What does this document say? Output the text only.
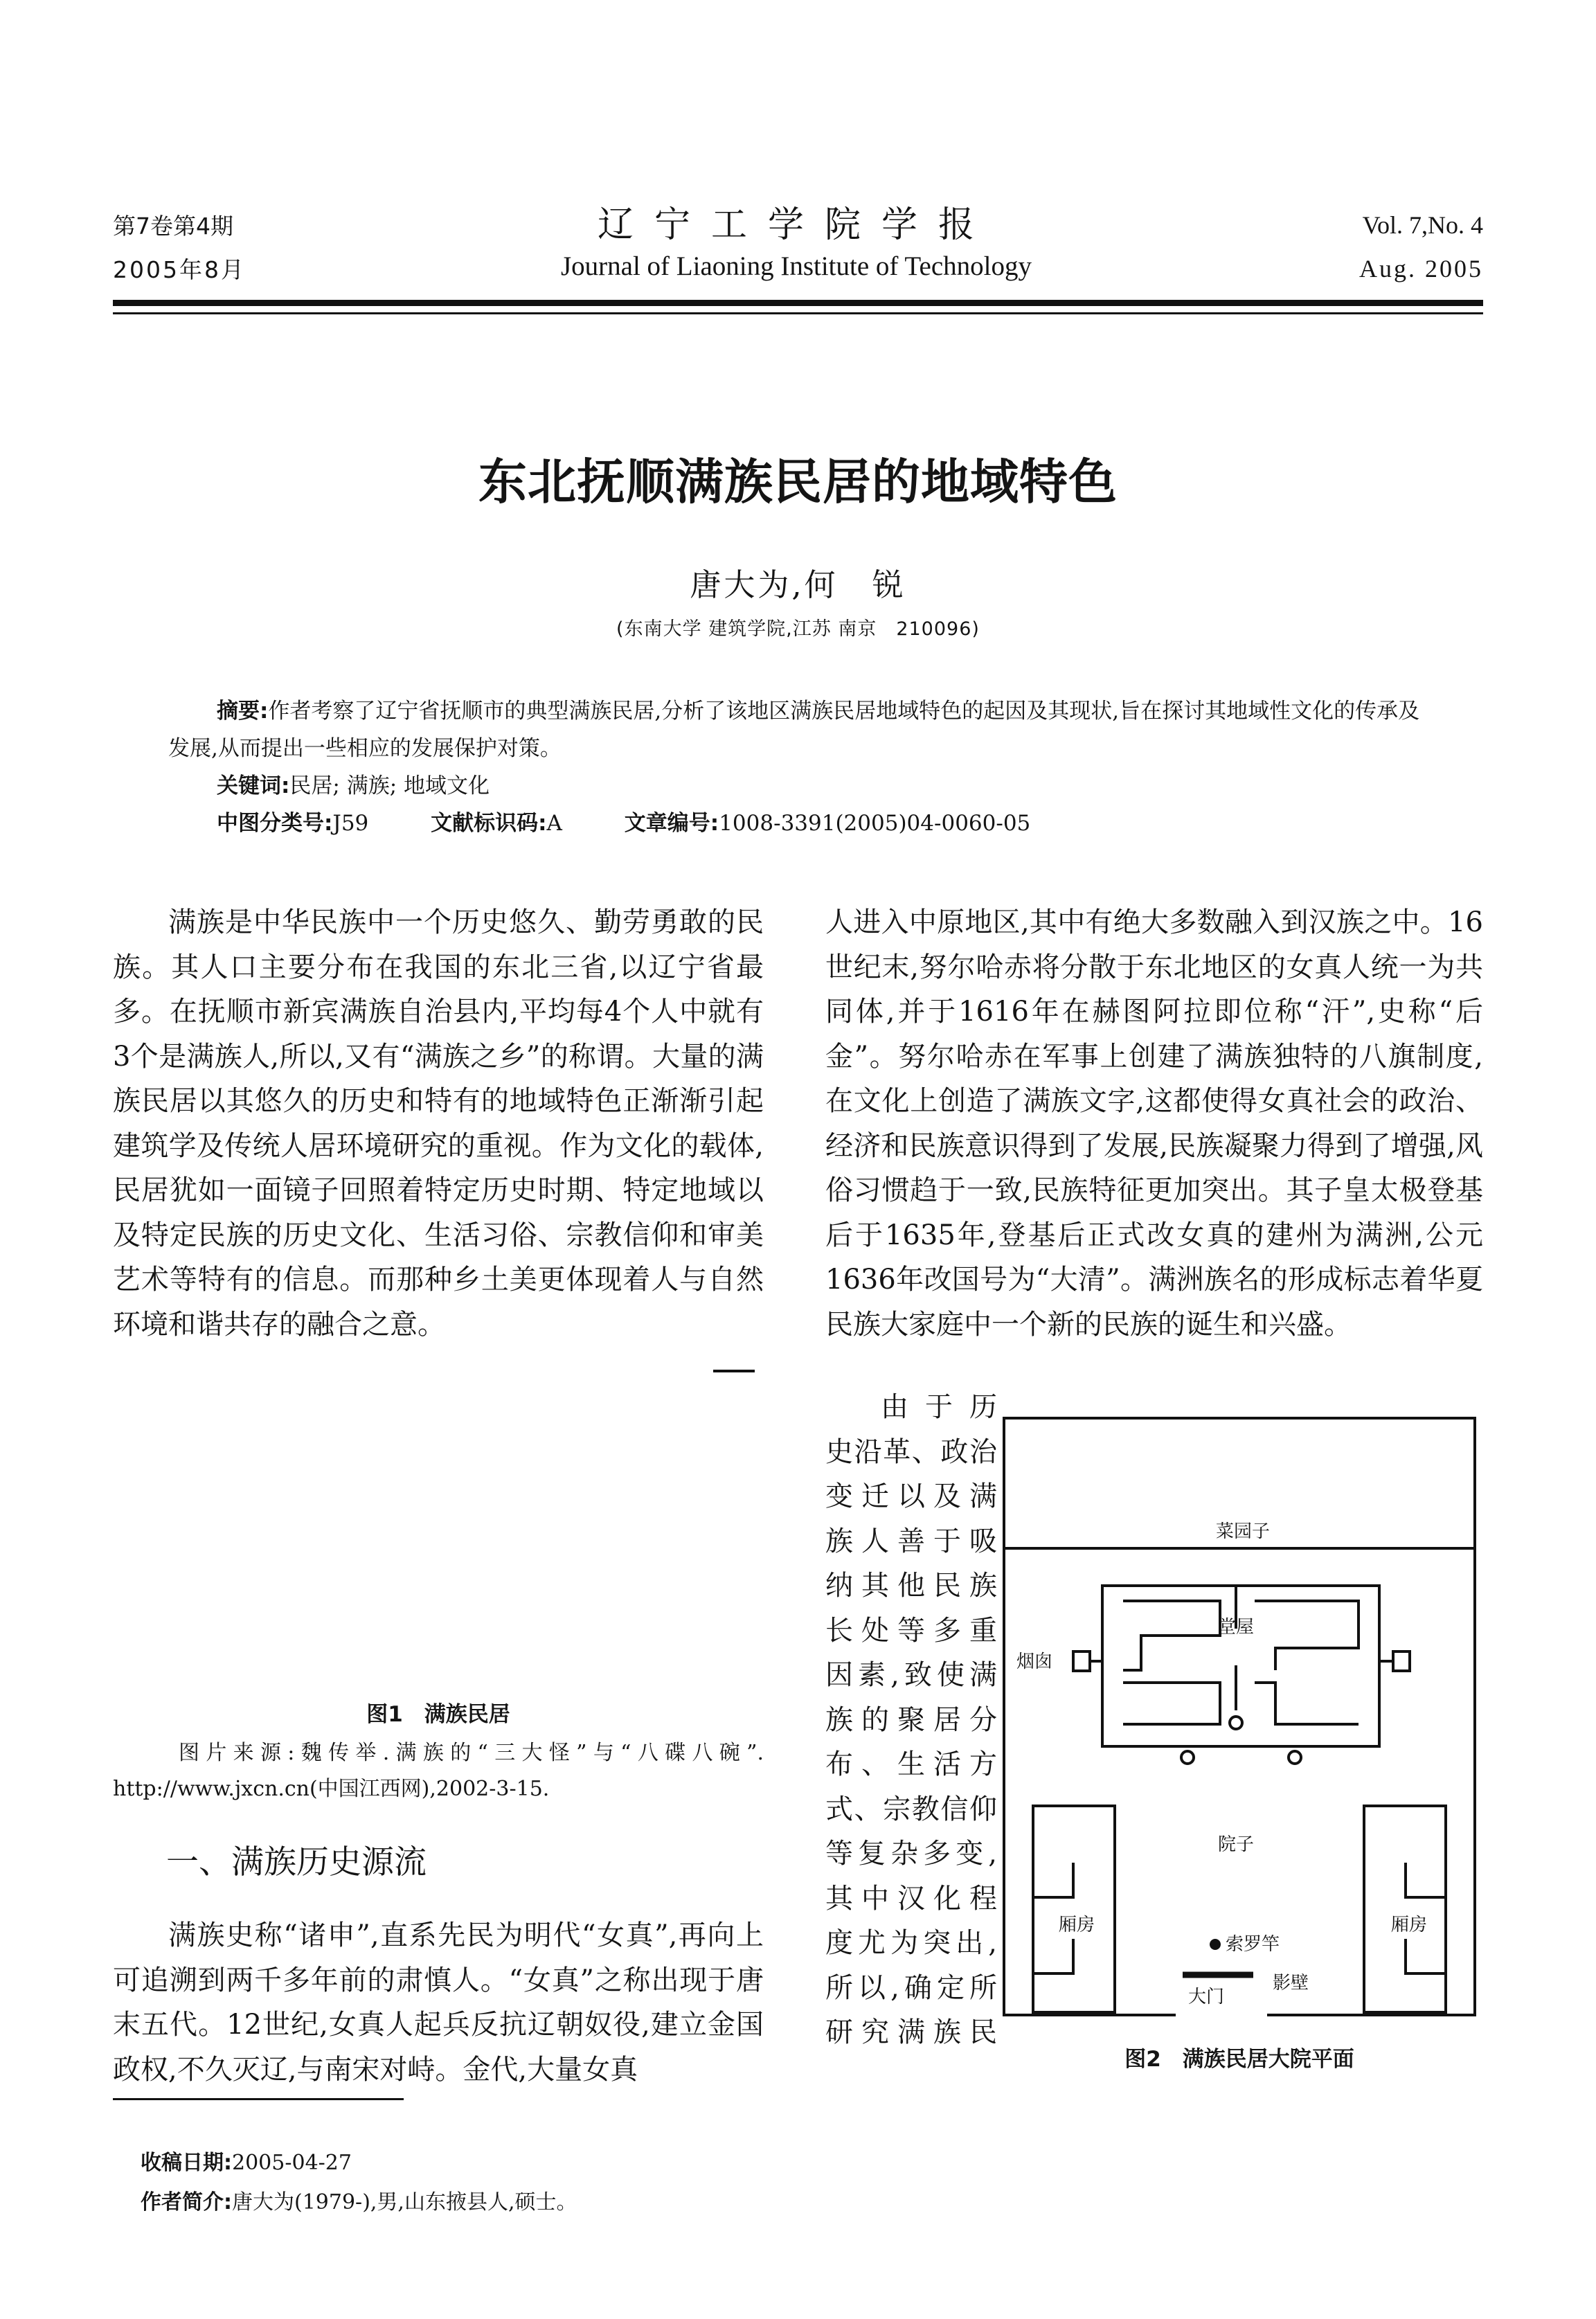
第7卷第4期
2005年8月
辽宁工学院学报
Journal of Liaoning Institute of Technology
Vol. 7,No. 4
Aug. 2005
东北抚顺满族民居的地域特色
唐大为,何　锐
(东南大学 建筑学院,江苏 南京　210096)
摘要:作者考察了辽宁省抚顺市的典型满族民居,分析了该地区满族民居地域特色的起因及其现状,旨在探讨其地域性文化的传承及发展,从而提出一些相应的发展保护对策。
关键词:民居; 满族; 地域文化
中图分类号:J59	文献标识码:A	文章编号:1008-3391(2005)04-0060-05

满族是中华民族中一个历史悠久、勤劳勇敢的民族。其人口主要分布在我国的东北三省,以辽宁省最多。在抚顺市新宾满族自治县内,平均每4个人中就有3个是满族人,所以,又有“满族之乡”的称谓。大量的满族民居以其悠久的历史和特有的地域特色正渐渐引起建筑学及传统人居环境研究的重视。作为文化的载体,民居犹如一面镜子回照着特定历史时期、特定地域以及特定民族的历史文化、生活习俗、宗教信仰和审美艺术等特有的信息。而那种乡土美更体现着人与自然环境和谐共存的融合之意。

图1　满族民居
图片来源:魏传举.满族的“三大怪”与“八碟八碗”. http://www.jxcn.cn(中国江西网),2002-3-15.
一、满族历史源流

满族史称“诸申”,直系先民为明代“女真”,再向上可追溯到两千多年前的肃慎人。“女真”之称出现于唐末五代。12世纪,女真人起兵反抗辽朝奴役,建立金国政权,不久灭辽,与南宋对峙。金代,大量女真

人进入中原地区,其中有绝大多数融入到汉族之中。16世纪末,努尔哈赤将分散于东北地区的女真人统一为共同体,并于1616年在赫图阿拉即位称“汗”,史称“后金”。努尔哈赤在军事上创建了满族独特的八旗制度,在文化上创造了满族文字,这都使得女真社会的政治、经济和民族意识得到了发展,民族凝聚力得到了增强,风俗习惯趋于一致,民族特征更加突出。其子皇太极登基后于1635年,登基后正式改女真的建州为满洲,公元1636年改国号为“大清”。满洲族名的形成标志着华夏民族大家庭中一个新的民族的诞生和兴盛。

由于历
史沿革、政治
变迁以及满
族人善于吸
纳其他民族
长处等多重
因素,致使满
族的聚居分
布、生活方
式、宗教信仰
等复杂多变,
其中汉化程
度尤为突出,
所以,确定所
研究满族民
菜园子
堂屋
烟囱
院子
厢房	厢房
索罗竿
大门
影壁
图2　满族民居大院平面
收稿日期:2005-04-27
作者简介:唐大为(1979-),男,山东掖县人,硕士。
